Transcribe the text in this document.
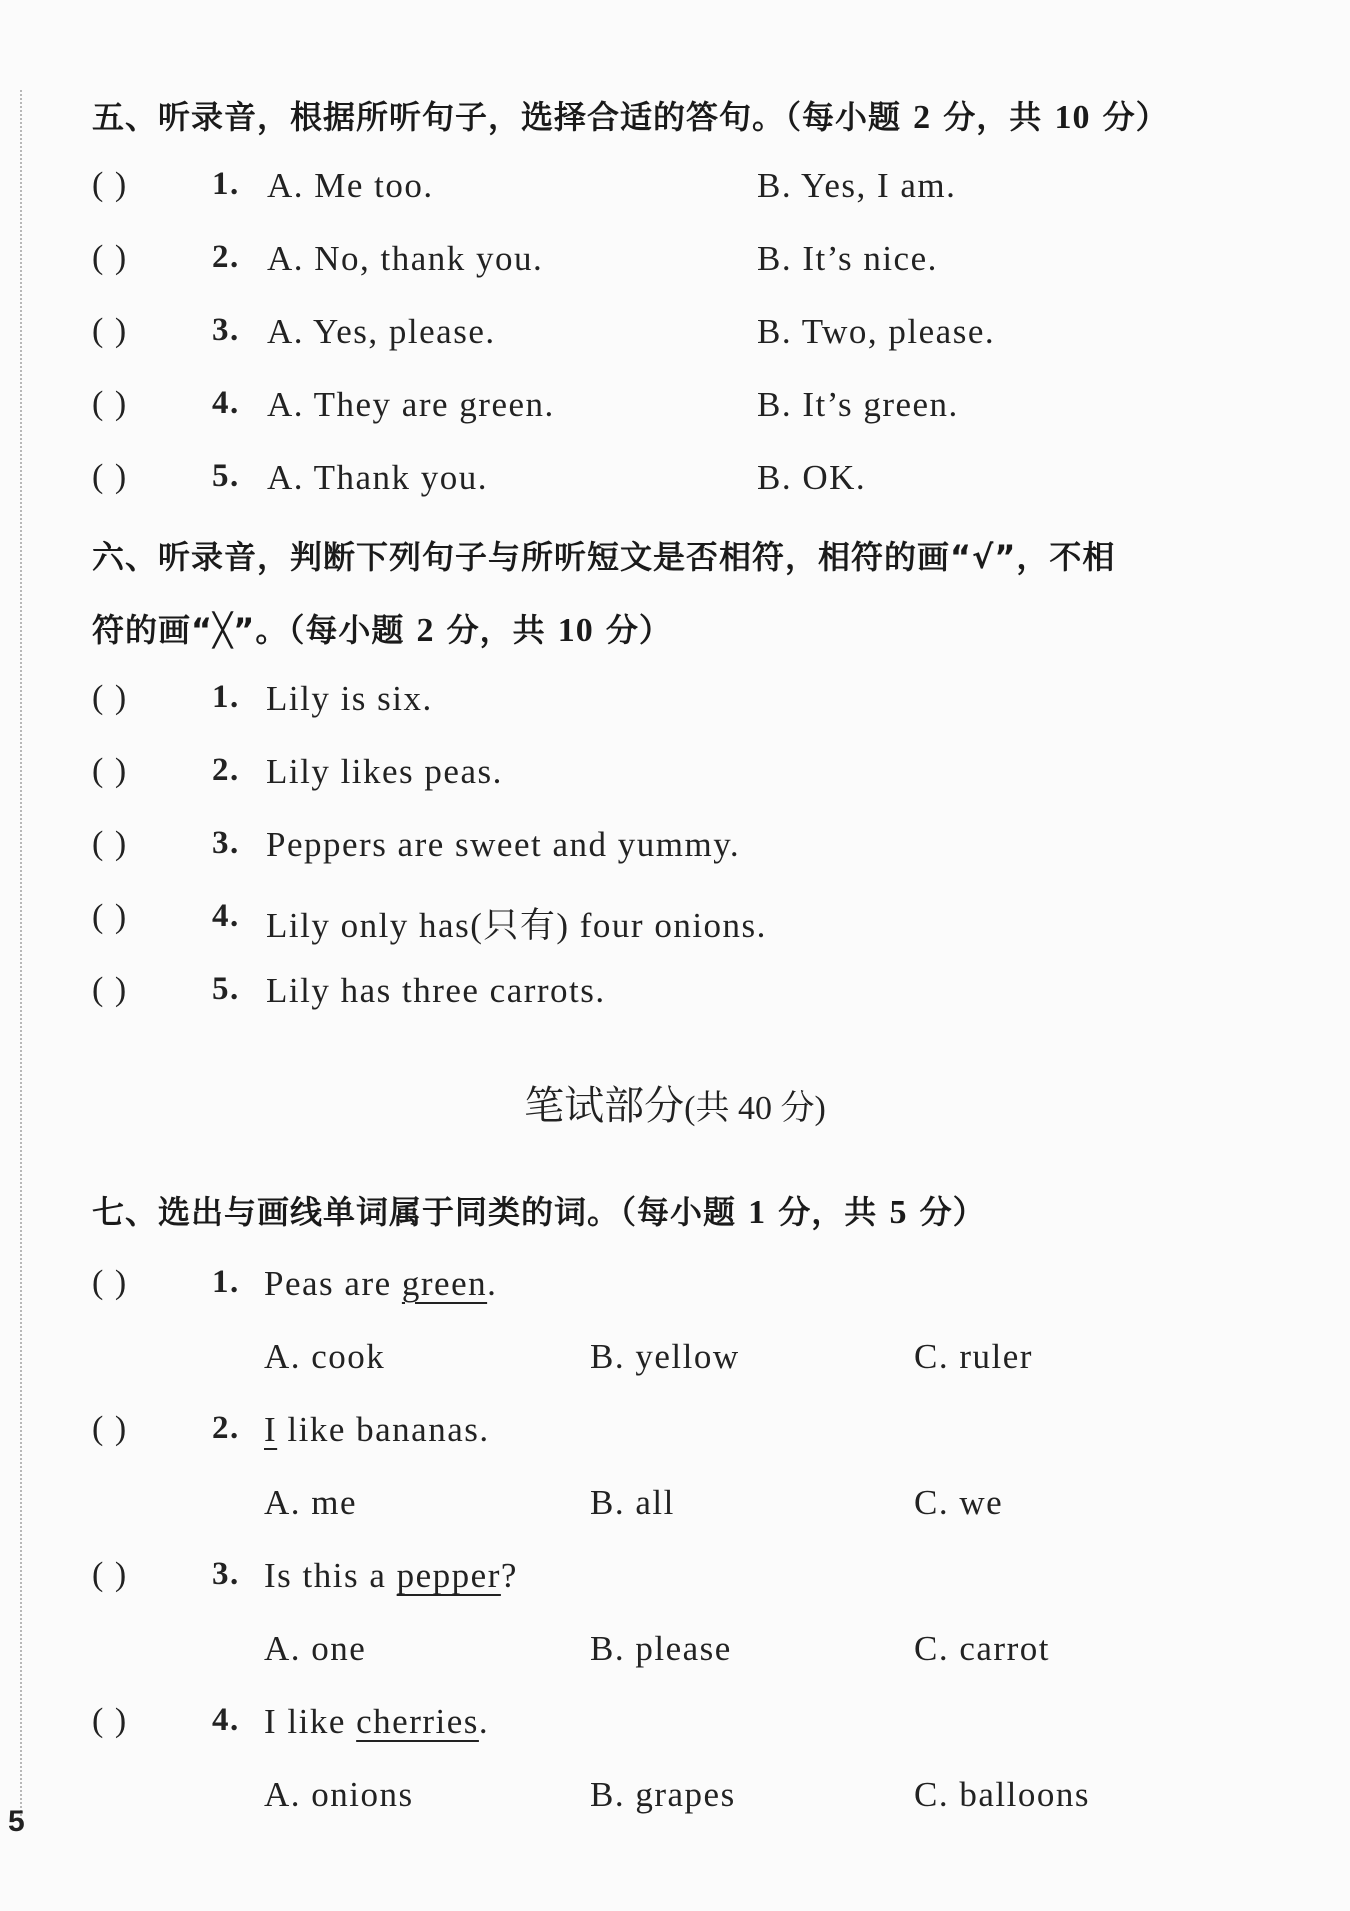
五、听录音，根据所听句子，选择合适的答句。（每小题 2 分，共 10 分）
( )	1. A. Me too.	B. Yes, I am.
( )	2. A. No, thank you.	B. It’s nice.
( )	3. A. Yes, please.	B. Two, please.
( )	4. A. They are green.	B. It’s green.
( )	5. A. Thank you.	B. OK.
六、听录音，判断下列句子与所听短文是否相符，相符的画“√”，不相
符的画“╳”。（每小题 2 分，共 10 分）
( )	1. Lily is six.
( )	2. Lily likes peas.
( )	3. Peppers are sweet and yummy.
( )	4. Lily only has(只有) four onions.
( )	5. Lily has three carrots.
笔试部分(共 40 分)
七、选出与画线单词属于同类的词。（每小题 1 分，共 5 分）
( )	1. Peas are green.
A. cook	B. yellow	C. ruler
( )	2. I like bananas.
A. me	B. all	C. we
( )	3. Is this a pepper?
A. one	B. please	C. carrot
( )	4. I like cherries.
A. onions	B. grapes	C. balloons
5
